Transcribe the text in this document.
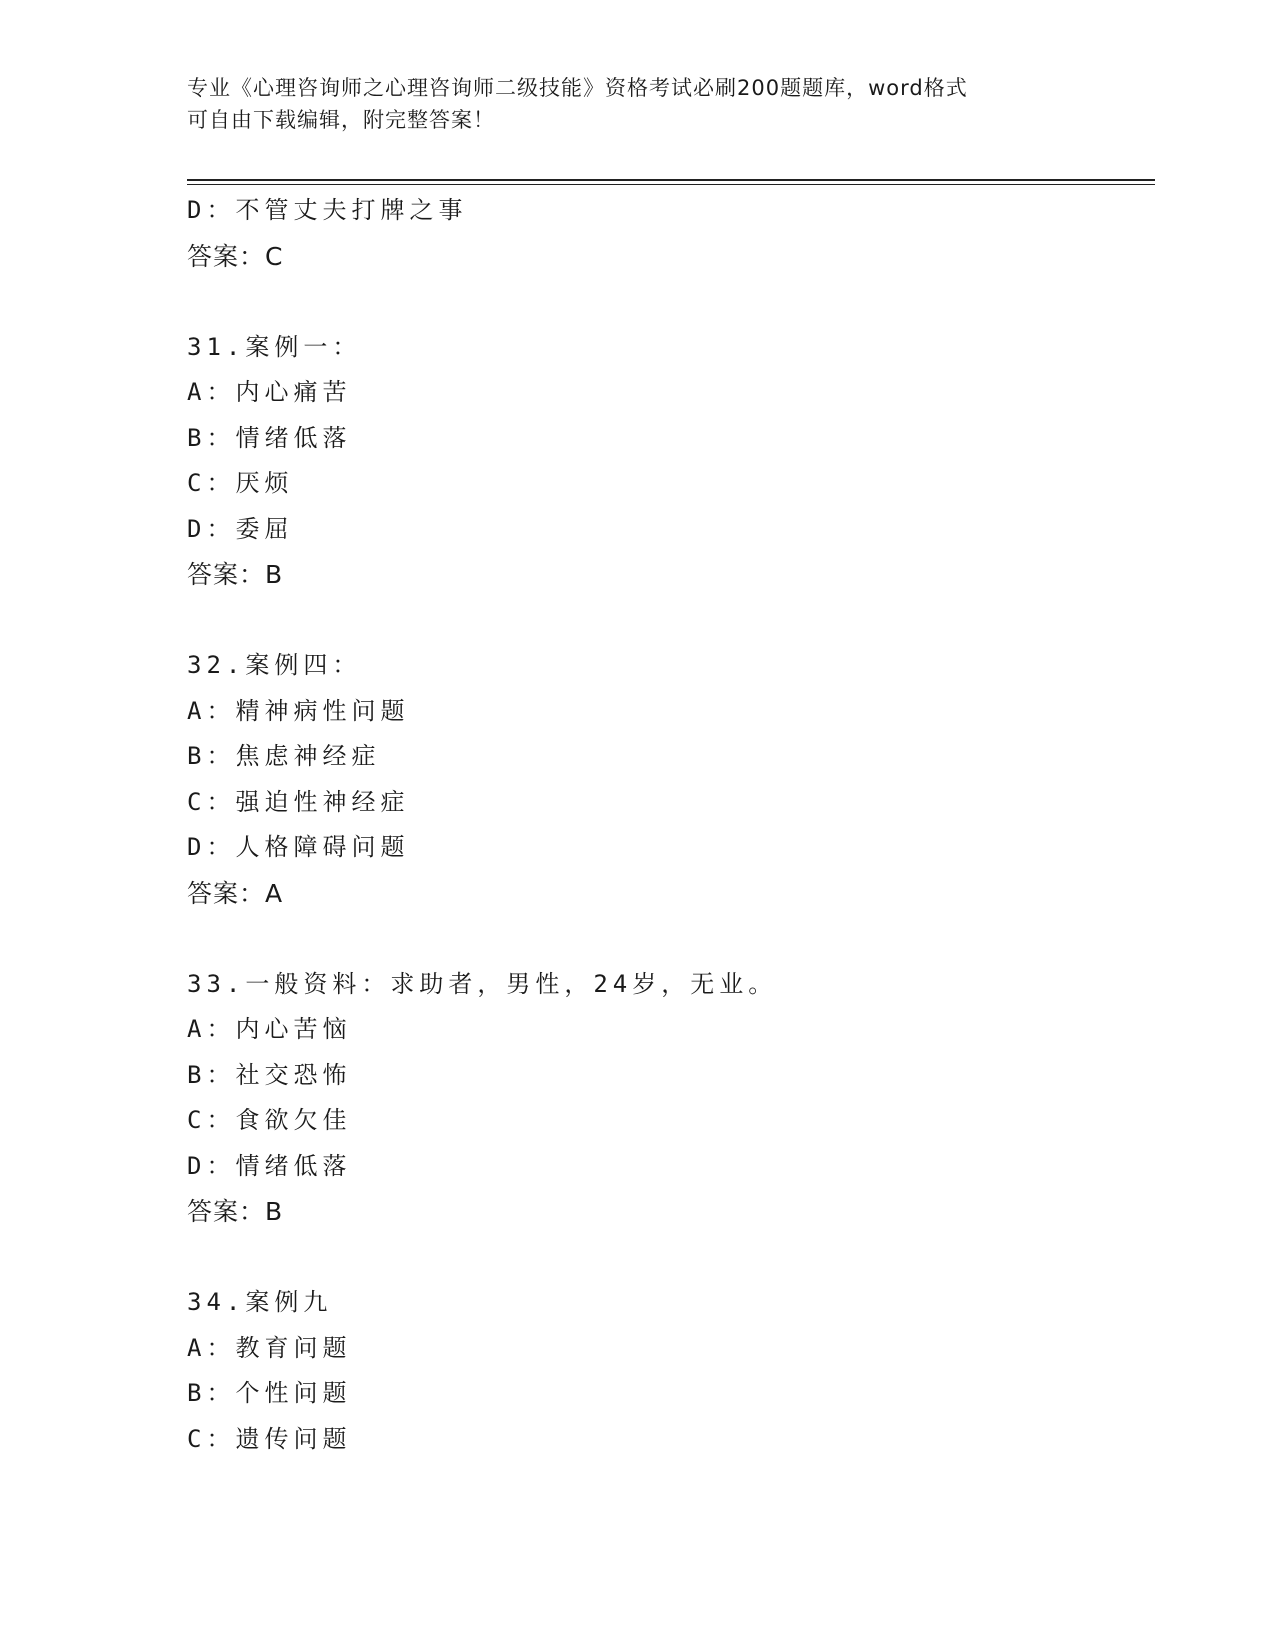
专业《心理咨询师之心理咨询师二级技能》资格考试必刷200题题库，word格式
可自由下载编辑，附完整答案！
D：不管丈夫打牌之事
答案：C
31.案例一：
A：内心痛苦
B：情绪低落
C：厌烦
D：委屈
答案：B
32.案例四：
A：精神病性问题
B：焦虑神经症
C：强迫性神经症
D：人格障碍问题
答案：A
33.一般资料：求助者，男性，24岁，无业。
A：内心苦恼
B：社交恐怖
C：食欲欠佳
D：情绪低落
答案：B
34.案例九
A：教育问题
B：个性问题
C：遗传问题
